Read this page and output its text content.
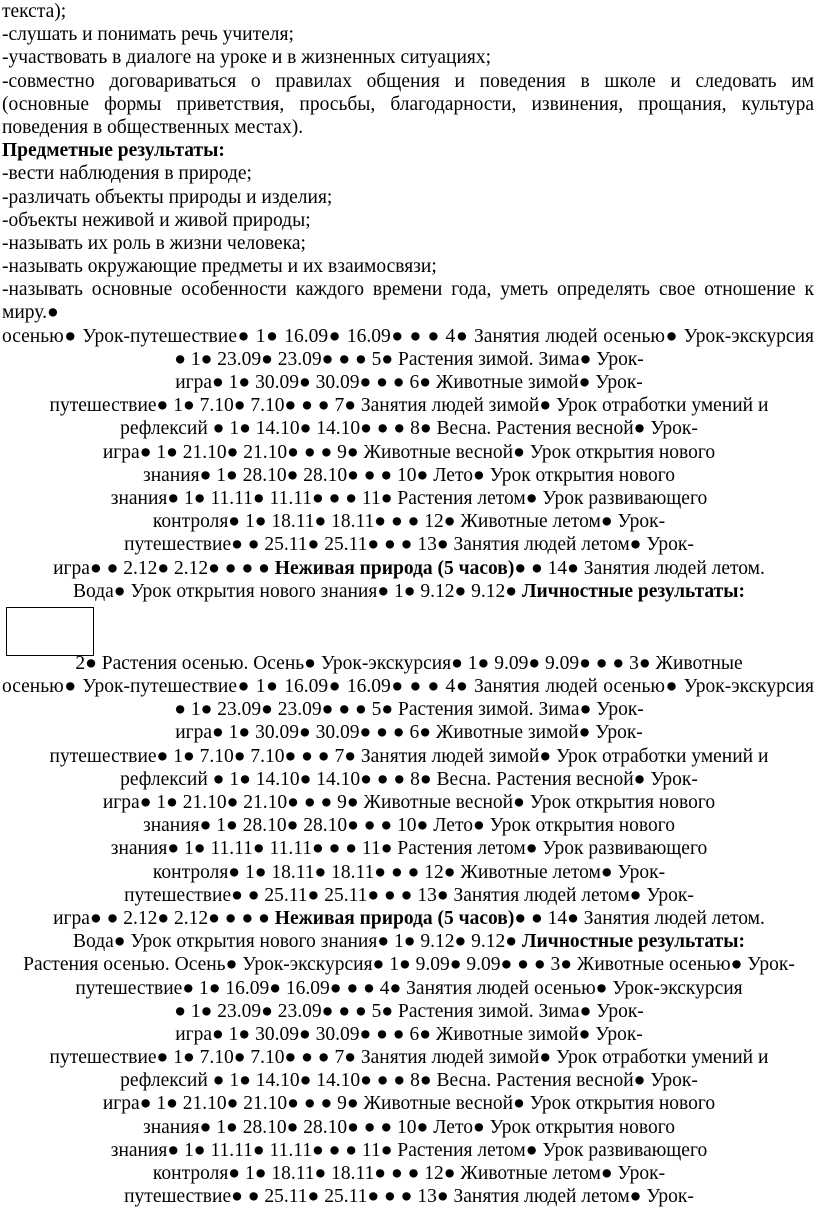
текста);
-слушать и понимать речь учителя;
-участвовать в диалоге на уроке и в жизненных ситуациях;
-совместно договариваться о правилах общения и поведения в школе и следовать им
(основные формы приветствия, просьбы, благодарности, извинения, прощания, культура
поведения в общественных местах).
Предметные результаты:
-вести наблюдения в природе;
-различать объекты природы и изделия;
-объекты неживой и живой природы;
-называть их роль в жизни человека;
-называть окружающие предметы и их взаимосвязи;
-называть основные особенности каждого времени года, уметь определять свое отношение к
миру.●
осенью● Урок-путешествие● 1● 16.09● 16.09● ● ● 4● Занятия людей осенью● Урок-экскурсия
● 1● 23.09● 23.09● ● ● 5● Растения зимой. Зима● Урок-
игра● 1● 30.09● 30.09● ● ● 6● Животные зимой● Урок-
путешествие● 1● 7.10● 7.10● ● ● 7● Занятия людей зимой● Урок отработки умений и
рефлексий ● 1● 14.10● 14.10● ● ● 8● Весна. Растения весной● Урок-
игра● 1● 21.10● 21.10● ● ● 9● Животные весной● Урок открытия нового
знания● 1● 28.10● 28.10● ● ● 10● Лето● Урок открытия нового
знания● 1● 11.11● 11.11● ● ● 11● Растения летом● Урок развивающего
контроля● 1● 18.11● 18.11● ● ● 12● Животные летом● Урок-
путешествие● ● 25.11● 25.11● ● ● 13● Занятия людей летом● Урок-
игра● ● 2.12● 2.12● ● ● ● Неживая природа (5 часов)● ● 14● Занятия людей летом.
Вода● Урок открытия нового знания● 1● 9.12● 9.12● Личностные результаты:
2● Растения осенью. Осень● Урок-экскурсия● 1● 9.09● 9.09● ● ● 3● Животные
осенью● Урок-путешествие● 1● 16.09● 16.09● ● ● 4● Занятия людей осенью● Урок-экскурсия
● 1● 23.09● 23.09● ● ● 5● Растения зимой. Зима● Урок-
игра● 1● 30.09● 30.09● ● ● 6● Животные зимой● Урок-
путешествие● 1● 7.10● 7.10● ● ● 7● Занятия людей зимой● Урок отработки умений и
рефлексий ● 1● 14.10● 14.10● ● ● 8● Весна. Растения весной● Урок-
игра● 1● 21.10● 21.10● ● ● 9● Животные весной● Урок открытия нового
знания● 1● 28.10● 28.10● ● ● 10● Лето● Урок открытия нового
знания● 1● 11.11● 11.11● ● ● 11● Растения летом● Урок развивающего
контроля● 1● 18.11● 18.11● ● ● 12● Животные летом● Урок-
путешествие● ● 25.11● 25.11● ● ● 13● Занятия людей летом● Урок-
игра● ● 2.12● 2.12● ● ● ● Неживая природа (5 часов)● ● 14● Занятия людей летом.
Вода● Урок открытия нового знания● 1● 9.12● 9.12● Личностные результаты:
Растения осенью. Осень● Урок-экскурсия● 1● 9.09● 9.09● ● ● 3● Животные осенью● Урок-
путешествие● 1● 16.09● 16.09● ● ● 4● Занятия людей осенью● Урок-экскурсия
● 1● 23.09● 23.09● ● ● 5● Растения зимой. Зима● Урок-
игра● 1● 30.09● 30.09● ● ● 6● Животные зимой● Урок-
путешествие● 1● 7.10● 7.10● ● ● 7● Занятия людей зимой● Урок отработки умений и
рефлексий ● 1● 14.10● 14.10● ● ● 8● Весна. Растения весной● Урок-
игра● 1● 21.10● 21.10● ● ● 9● Животные весной● Урок открытия нового
знания● 1● 28.10● 28.10● ● ● 10● Лето● Урок открытия нового
знания● 1● 11.11● 11.11● ● ● 11● Растения летом● Урок развивающего
контроля● 1● 18.11● 18.11● ● ● 12● Животные летом● Урок-
путешествие● ● 25.11● 25.11● ● ● 13● Занятия людей летом● Урок-
